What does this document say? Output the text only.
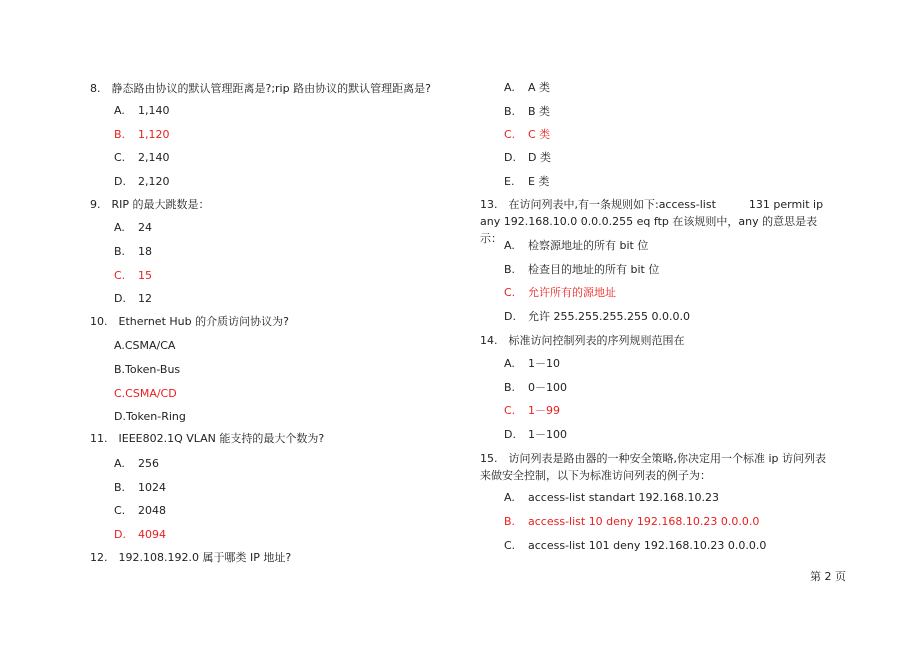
8.　静态路由协议的默认管理距离是?;rip 路由协议的默认管理距离是?
A. 1,140
B. 1,120
C. 2,140
D. 2,120
9.　RIP 的最大跳数是：
A. 24
B. 18
C. 15
D. 12
10.　Ethernet Hub 的介质访问协议为?
A.CSMA/CA
B.Token-Bus
C.CSMA/CD
D.Token-Ring
11.　IEEE802.1Q VLAN 能支持的最大个数为?
A. 256
B. 1024
C. 2048
D. 4094
12.　192.108.192.0 属于哪类 IP 地址?
A. A 类
B. B 类
C. C 类
D. D 类
E. E 类
13.　在访问列表中,有一条规则如下:access-list　　　131 permit ip any 192.168.10.0 0.0.0.255 eq ftp 在该规则中，any 的意思是表示：
A. 检察源地址的所有 bit 位
B. 检查目的地址的所有 bit 位
C. 允许所有的源地址
D. 允许 255.255.255.255 0.0.0.0
14.　标准访问控制列表的序列规则范围在
A. 1－10
B. 0－100
C. 1－99
D. 1－100
15.　访问列表是路由器的一种安全策略,你决定用一个标准 ip 访问列表来做安全控制，以下为标准访问列表的例子为：
A. access-list standart 192.168.10.23
B. access-list 10 deny 192.168.10.23 0.0.0.0
C. access-list 101 deny 192.168.10.23 0.0.0.0
第 2 页
